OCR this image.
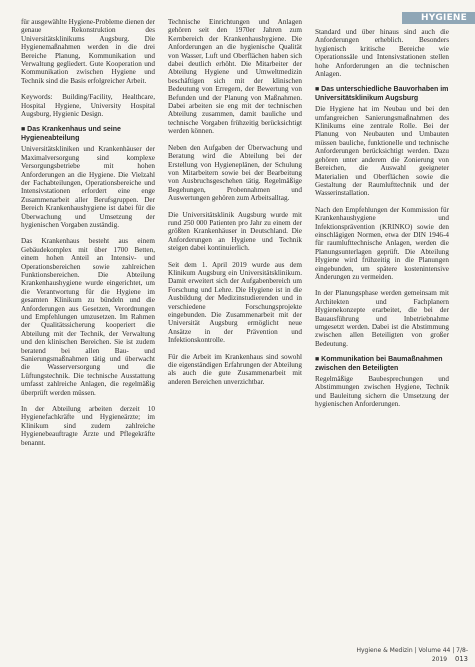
HYGIENE

für ausgewählte Hygiene-Probleme dienen der genaue Rekonstruktion des Universitätsklinikums Augsburg. Die Hygienemaßnahmen werden in die drei Bereiche Planung, Kommunikation und Verwaltung gegliedert. Gute Kooperation und Kommunikation zwischen Hygiene und Technik sind die Basis erfolgreicher Arbeit.

Keywords: Building/Facility, Healthcare, Hospital Hygiene, University Hospital Augsburg, Hygienic Design.

■ Das Krankenhaus und seine Hygieneabteilung

Universitätskliniken und Krankenhäuser der Maximalversorgung sind komplexe Versorgungsbetriebe mit hohen Anforderungen an die Hygiene. Die Vielzahl der Fachabteilungen, Operationsbereiche und Intensivstationen erfordert eine enge Zusammenarbeit aller Berufsgruppen. Der Bereich Krankenhaushygiene ist dabei für die Überwachung und Umsetzung der hygienischen Vorgaben zuständig.

Das Krankenhaus besteht aus einem Gebäudekomplex mit über 1700 Betten, einem hohen Anteil an Intensiv- und Operationsbereichen sowie zahlreichen Funktionsbereichen. Die Abteilung Krankenhaushygiene wurde eingerichtet, um die Verantwortung für die Hygiene im gesamten Klinikum zu bündeln und die Anforderungen aus Gesetzen, Verordnungen und Empfehlungen umzusetzen. Im Rahmen der Qualitätssicherung kooperiert die Abteilung mit der Technik, der Verwaltung und den klinischen Bereichen. Sie ist zudem beratend bei allen Bau- und Sanierungsmaßnahmen tätig und überwacht die Wasserversorgung und die Lüftungstechnik. Die technische Ausstattung umfasst zahlreiche Anlagen, die regelmäßig überprüft werden müssen.

In der Abteilung arbeiten derzeit 10 Hygienefachkräfte und Hygieneärzte; im Klinikum sind zudem zahlreiche Hygienebeauftragte Ärzte und Pflegekräfte benannt.

Technische Einrichtungen und Anlagen gehören seit den 1970er Jahren zum Kernbereich der Krankenhaushygiene. Die Anforderungen an die hygienische Qualität von Wasser, Luft und Oberflächen haben sich dabei deutlich erhöht. Die Mitarbeiter der Abteilung Hygiene und Umweltmedizin beschäftigen sich mit der klinischen Bedeutung von Erregern, der Bewertung von Befunden und der Planung von Maßnahmen. Dabei arbeiten sie eng mit der technischen Abteilung zusammen, damit bauliche und technische Vorgaben frühzeitig berücksichtigt werden können.

Neben den Aufgaben der Überwachung und Beratung wird die Abteilung bei der Erstellung von Hygieneplänen, der Schulung von Mitarbeitern sowie bei der Bearbeitung von Ausbruchsgeschehen tätig. Regelmäßige Begehungen, Probennahmen und Auswertungen gehören zum Arbeitsalltag.

Die Universitätsklinik Augsburg wurde mit rund 250 000 Patienten pro Jahr zu einem der größten Krankenhäuser in Deutschland. Die Anforderungen an Hygiene und Technik steigen dabei kontinuierlich.

Seit dem 1. April 2019 wurde aus dem Klinikum Augsburg ein Universitätsklinikum. Damit erweitert sich der Aufgabenbereich um Forschung und Lehre. Die Hygiene ist in die Ausbildung der Medizinstudierenden und in verschiedene Forschungsprojekte eingebunden. Die Zusammenarbeit mit der Universität Augsburg ermöglicht neue Ansätze in der Prävention und Infektionskontrolle.

Für die Arbeit im Krankenhaus sind sowohl die eigenständigen Erfahrungen der Abteilung als auch die gute Zusammenarbeit mit anderen Bereichen unverzichtbar.

Standard und über hinaus sind auch die Anforderungen erheblich. Besonders hygienisch kritische Bereiche wie Operationssäle und Intensivstationen stellen hohe Anforderungen an die technischen Anlagen.

■ Das unterschiedliche Bauvorhaben im Universitätsklinikum Augsburg

Die Hygiene hat im Neubau und bei den umfangreichen Sanierungsmaßnahmen des Klinikums eine zentrale Rolle. Bei der Planung von Neubauten und Umbauten müssen bauliche, funktionelle und technische Anforderungen berücksichtigt werden. Dazu gehören unter anderem die Zonierung von Bereichen, die Auswahl geeigneter Materialien und Oberflächen sowie die Gestaltung der Raumlufttechnik und der Wasserinstallation.

Nach den Empfehlungen der Kommission für Krankenhaushygiene und Infektionsprävention (KRINKO) sowie den einschlägigen Normen, etwa der DIN 1946-4 für raumlufttechnische Anlagen, werden die Planungsunterlagen geprüft. Die Abteilung Hygiene wird frühzeitig in die Planungen eingebunden, um spätere kostenintensive Änderungen zu vermeiden.

In der Planungsphase werden gemeinsam mit Architekten und Fachplanern Hygienekonzepte erarbeitet, die bei der Bauausführung und Inbetriebnahme umgesetzt werden. Dabei ist die Abstimmung zwischen allen Beteiligten von großer Bedeutung.

■ Kommunikation bei Baumaßnahmen zwischen den Beteiligten

Regelmäßige Baubesprechungen und Abstimmungen zwischen Hygiene, Technik und Bauleitung sichern die Umsetzung der hygienischen Anforderungen.

Hygiene & Medizin | Volume 44 | 7/8-2019 013
